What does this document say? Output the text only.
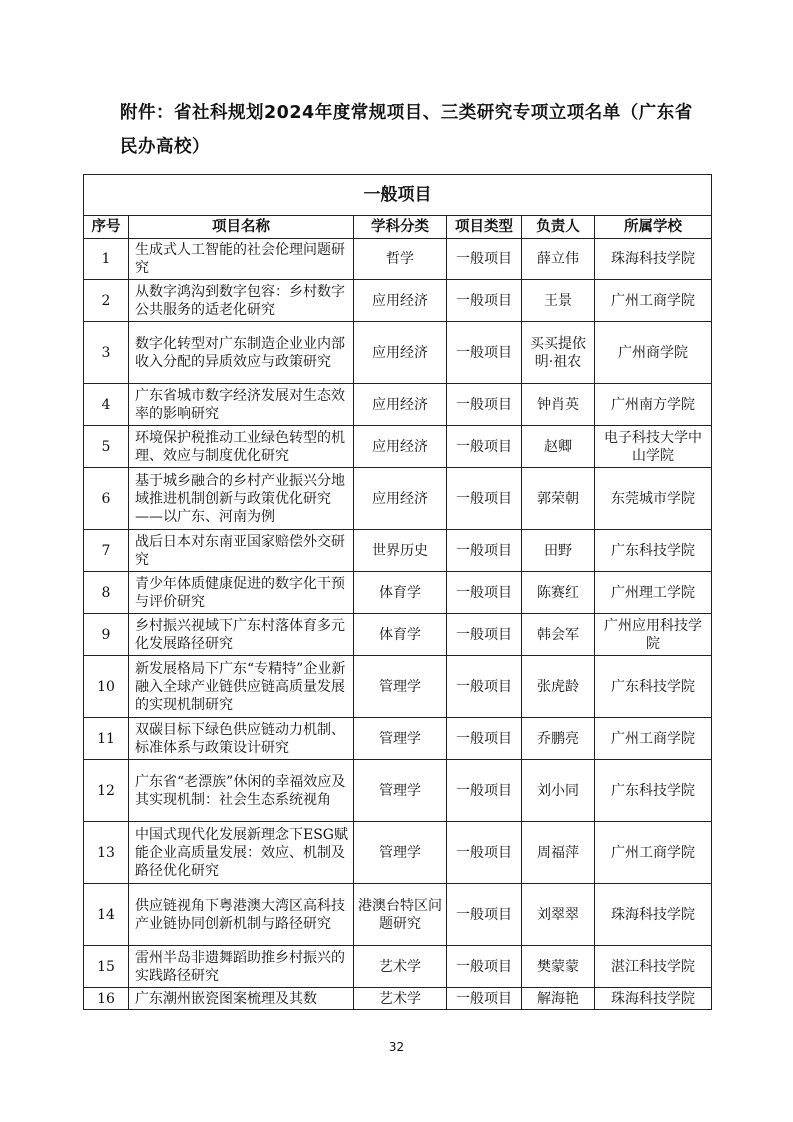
附件：省社科规划2024年度常规项目、三类研究专项立项名单（广东省民办高校）
一般项目					
序号	项目名称	学科分类	项目类型	负责人	所属学校
1	生成式人工智能的社会伦理问题研究	哲学	一般项目	薛立伟	珠海科技学院
2	从数字鸿沟到数字包容：乡村数字公共服务的适老化研究	应用经济	一般项目	王景	广州工商学院
3	数字化转型对广东制造企业业内部收入分配的异质效应与政策研究	应用经济	一般项目	买买提依明·祖农	广州商学院
4	广东省城市数字经济发展对生态效率的影响研究	应用经济	一般项目	钟肖英	广州南方学院
5	环境保护税推动工业绿色转型的机理、效应与制度优化研究	应用经济	一般项目	赵卿	电子科技大学中山学院
6	基于城乡融合的乡村产业振兴分地域推进机制创新与政策优化研究——以广东、河南为例	应用经济	一般项目	郭荣朝	东莞城市学院
7	战后日本对东南亚国家赔偿外交研究	世界历史	一般项目	田野	广东科技学院
8	青少年体质健康促进的数字化干预与评价研究	体育学	一般项目	陈赛红	广州理工学院
9	乡村振兴视域下广东村落体育多元化发展路径研究	体育学	一般项目	韩会军	广州应用科技学院
10	新发展格局下广东“专精特”企业新融入全球产业链供应链高质量发展的实现机制研究	管理学	一般项目	张虎龄	广东科技学院
11	双碳目标下绿色供应链动力机制、标准体系与政策设计研究	管理学	一般项目	乔鹏亮	广州工商学院
12	广东省“老漂族”休闲的幸福效应及其实现机制：社会生态系统视角	管理学	一般项目	刘小同	广东科技学院
13	中国式现代化发展新理念下ESG赋能企业高质量发展：效应、机制及路径优化研究	管理学	一般项目	周福萍	广州工商学院
14	供应链视角下粤港澳大湾区高科技产业链协同创新机制与路径研究	港澳台特区问题研究	一般项目	刘翠翠	珠海科技学院
15	雷州半岛非遗舞蹈助推乡村振兴的实践路径研究	艺术学	一般项目	樊蒙蒙	湛江科技学院
16	广东潮州嵌瓷图案梳理及其数	艺术学	一般项目	解海艳	珠海科技学院
32
